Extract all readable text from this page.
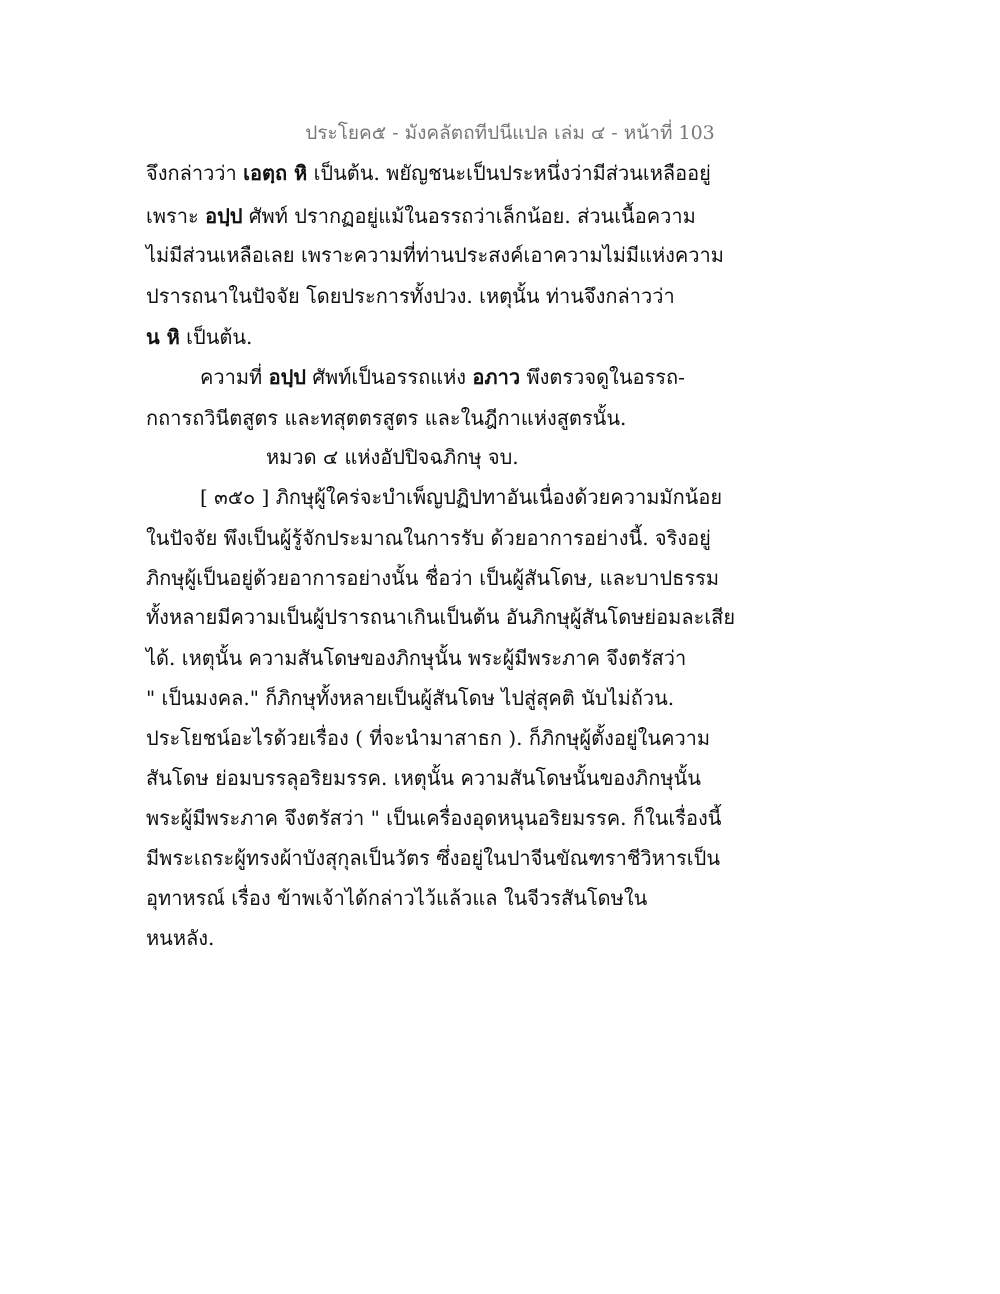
ประโยค๕ - มังคลัตถทีปนีแปล เล่ม ๔ - หน้าที่ 103
จึงกล่าวว่า เอตฺถ หิ เป็นต้น. พยัญชนะเป็นประหนึ่งว่ามีส่วนเหลืออยู่
เพราะ อปฺป ศัพท์ ปรากฏอยู่แม้ในอรรถว่าเล็กน้อย. ส่วนเนื้อความ
ไม่มีส่วนเหลือเลย เพราะความที่ท่านประสงค์เอาความไม่มีแห่งความ
ปรารถนาในปัจจัย โดยประการทั้งปวง. เหตุนั้น ท่านจึงกล่าวว่า
น หิ เป็นต้น.
ความที่ อปฺป ศัพท์เป็นอรรถแห่ง อภาว พึงตรวจดูในอรรถ-
กถารถวินีตสูตร และทสุตตรสูตร และในฎีกาแห่งสูตรนั้น.
หมวด ๔ แห่งอัปปิจฉภิกษุ จบ.
[ ๓๕๐ ] ภิกษุผู้ใคร่จะบำเพ็ญปฏิปทาอันเนื่องด้วยความมักน้อย
ในปัจจัย พึงเป็นผู้รู้จักประมาณในการรับ ด้วยอาการอย่างนี้. จริงอยู่
ภิกษุผู้เป็นอยู่ด้วยอาการอย่างนั้น ชื่อว่า เป็นผู้สันโดษ, และบาปธรรม
ทั้งหลายมีความเป็นผู้ปรารถนาเกินเป็นต้น อันภิกษุผู้สันโดษย่อมละเสีย
ได้. เหตุนั้น ความสันโดษของภิกษุนั้น พระผู้มีพระภาค จึงตรัสว่า
" เป็นมงคล." ก็ภิกษุทั้งหลายเป็นผู้สันโดษ ไปสู่สุคติ นับไม่ถ้วน.
ประโยชน์อะไรด้วยเรื่อง ( ที่จะนำมาสาธก ). ก็ภิกษุผู้ตั้งอยู่ในความ
สันโดษ ย่อมบรรลุอริยมรรค. เหตุนั้น ความสันโดษนั้นของภิกษุนั้น
พระผู้มีพระภาค จึงตรัสว่า " เป็นเครื่องอุดหนุนอริยมรรค. ก็ในเรื่องนี้
มีพระเถระผู้ทรงผ้าบังสุกุลเป็นวัตร ซึ่งอยู่ในปาจีนขัณฑราชีวิหารเป็น
อุทาหรณ์ เรื่อง ข้าพเจ้าได้กล่าวไว้แล้วแล ในจีวรสันโดษใน
หนหลัง.
